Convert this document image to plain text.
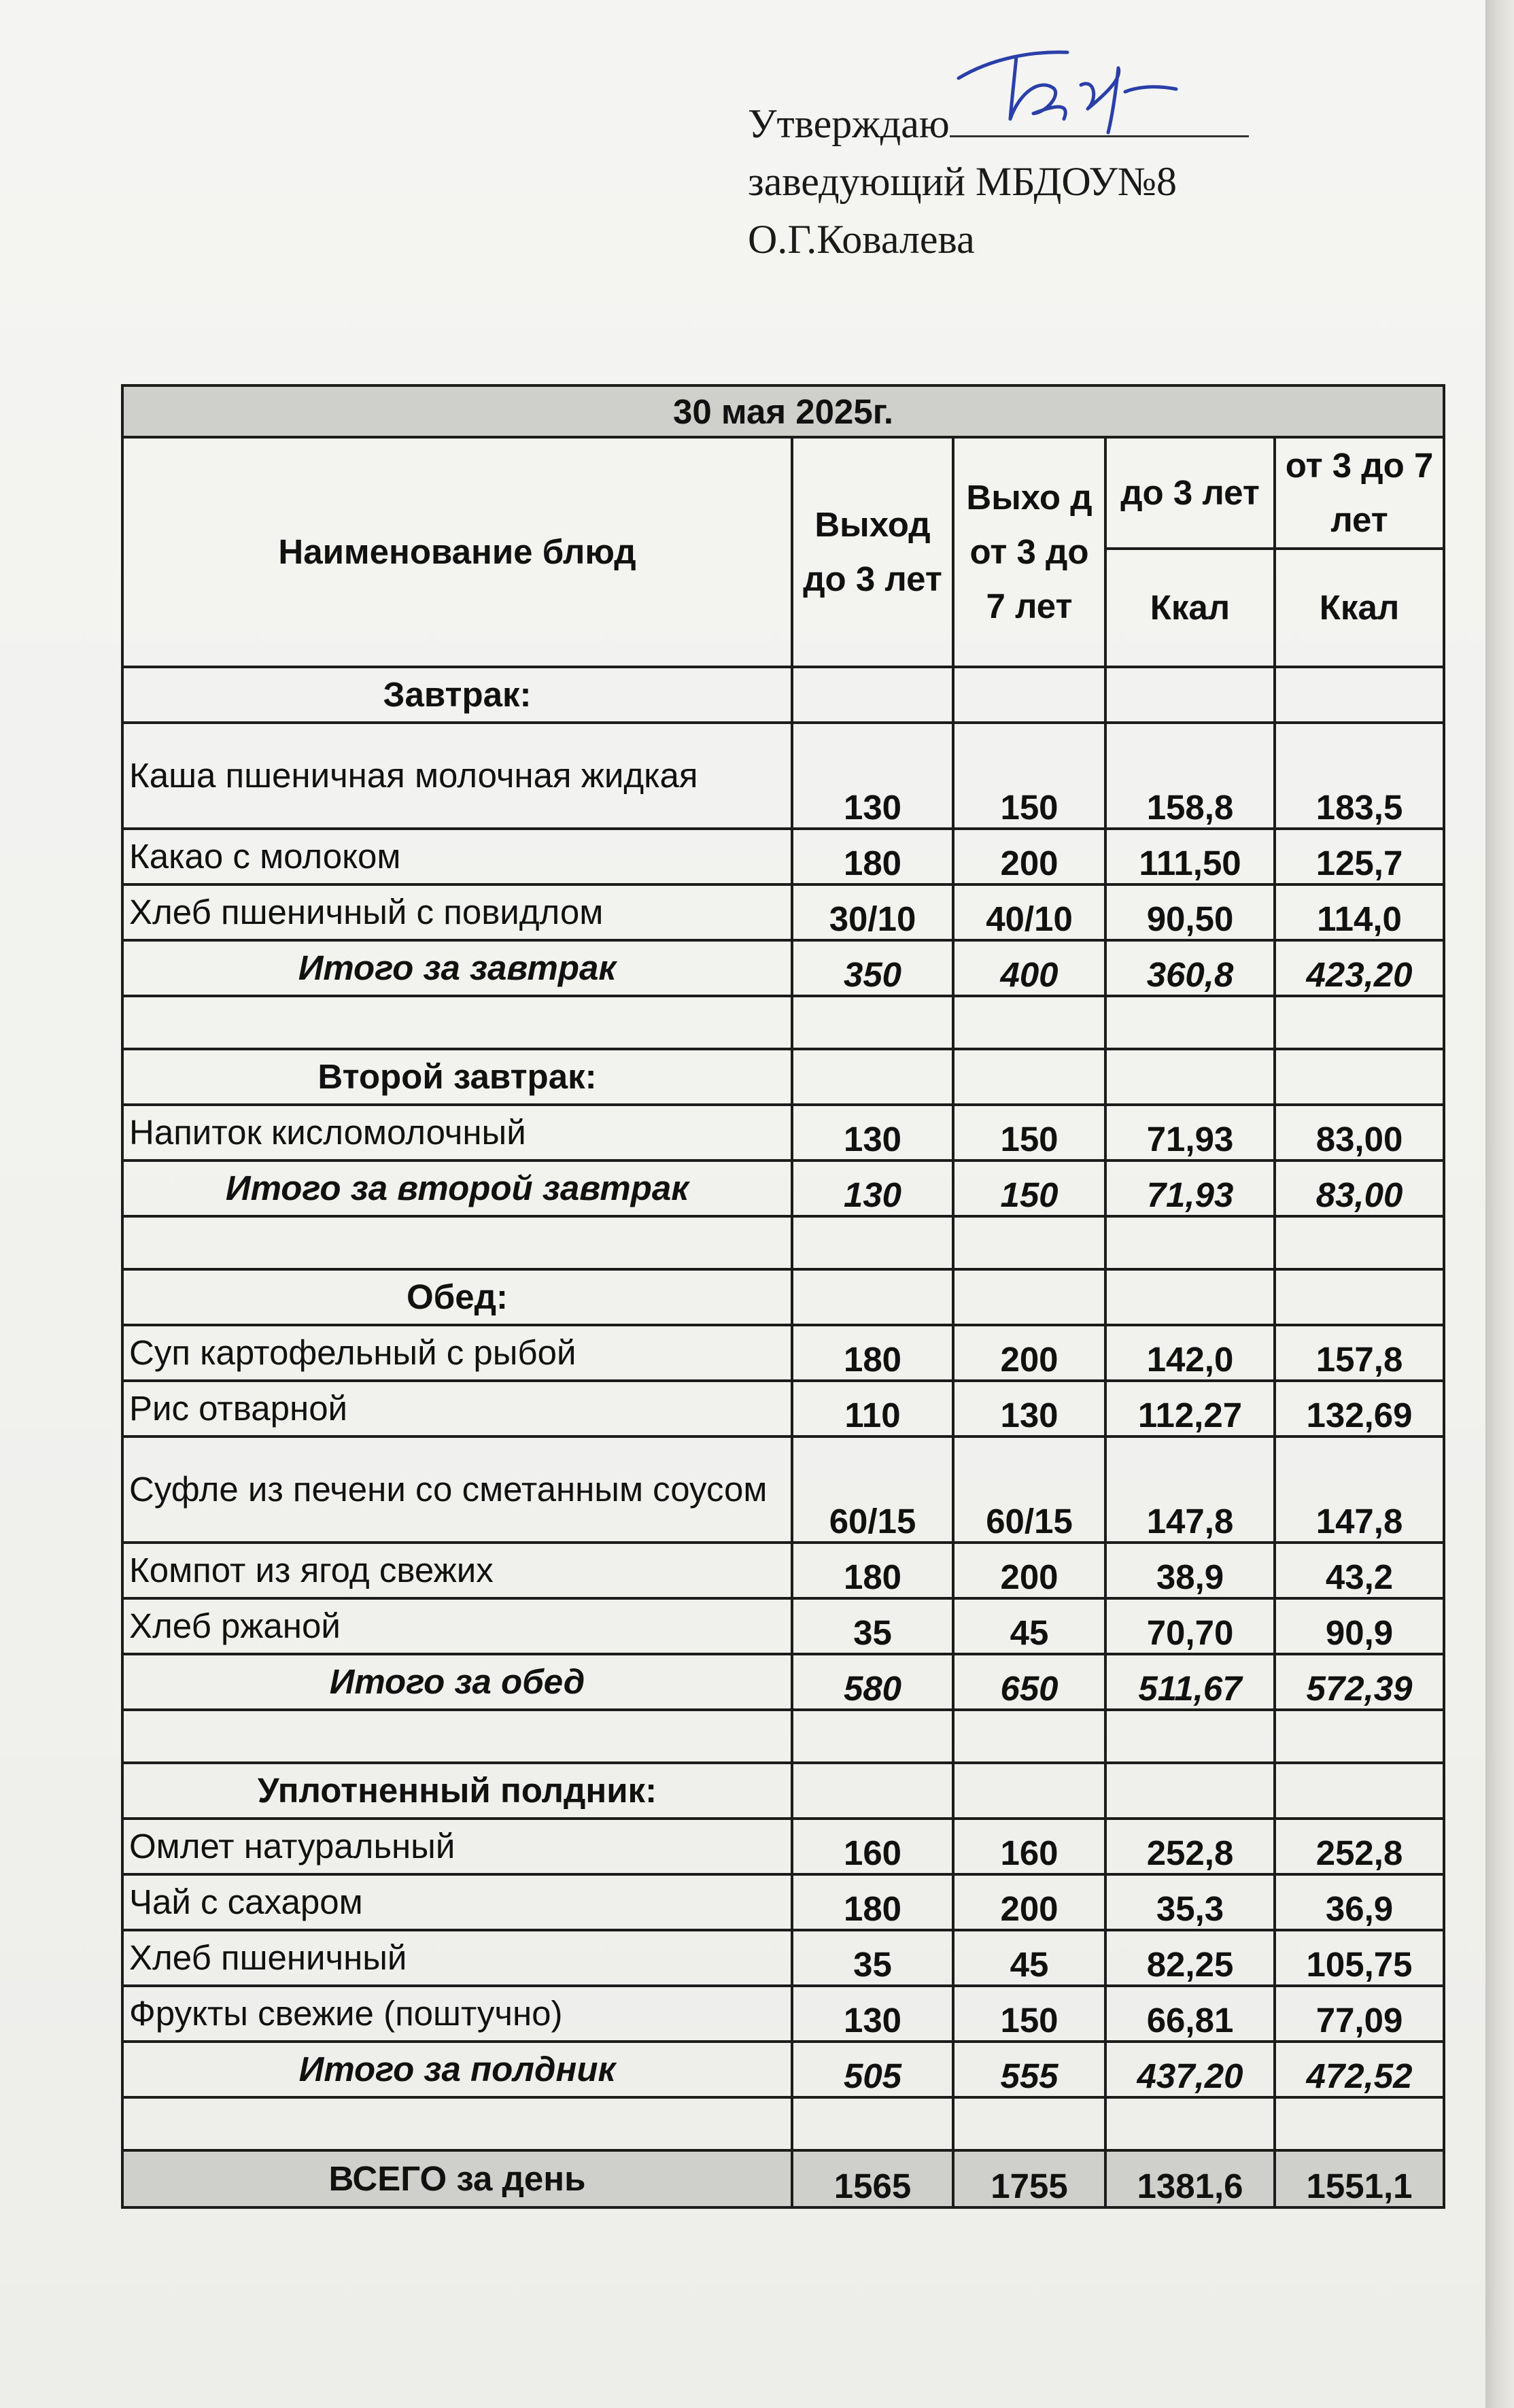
Утверждаю
заведующий МБДОУ№8
О.Г.Ковалева
30 мая 2025г.				
Наименование блюд	Выход до 3 лет	Выхо д от 3 до 7 лет	до 3 лет	от 3 до 7 лет
			Ккал	Ккал
Завтрак:				
Каша пшеничная молочная жидкая	130	150	158,8	183,5
Какао с молоком	180	200	111,50	125,7
Хлеб пшеничный с повидлом	30/10	40/10	90,50	114,0
Итого за завтрак	350	400	360,8	423,20

Второй завтрак:				
Напиток кисломолочный	130	150	71,93	83,00
Итого за второй завтрак	130	150	71,93	83,00

Обед:				
Суп картофельный с рыбой	180	200	142,0	157,8
Рис отварной	110	130	112,27	132,69
Суфле из печени со сметанным соусом	60/15	60/15	147,8	147,8
Компот из ягод свежих	180	200	38,9	43,2
Хлеб ржаной	35	45	70,70	90,9
Итого за обед	580	650	511,67	572,39

Уплотненный полдник:				
Омлет натуральный	160	160	252,8	252,8
Чай с сахаром	180	200	35,3	36,9
Хлеб пшеничный	35	45	82,25	105,75
Фрукты свежие (поштучно)	130	150	66,81	77,09
Итого за полдник	505	555	437,20	472,52

ВСЕГО за день	1565	1755	1381,6	1551,1
